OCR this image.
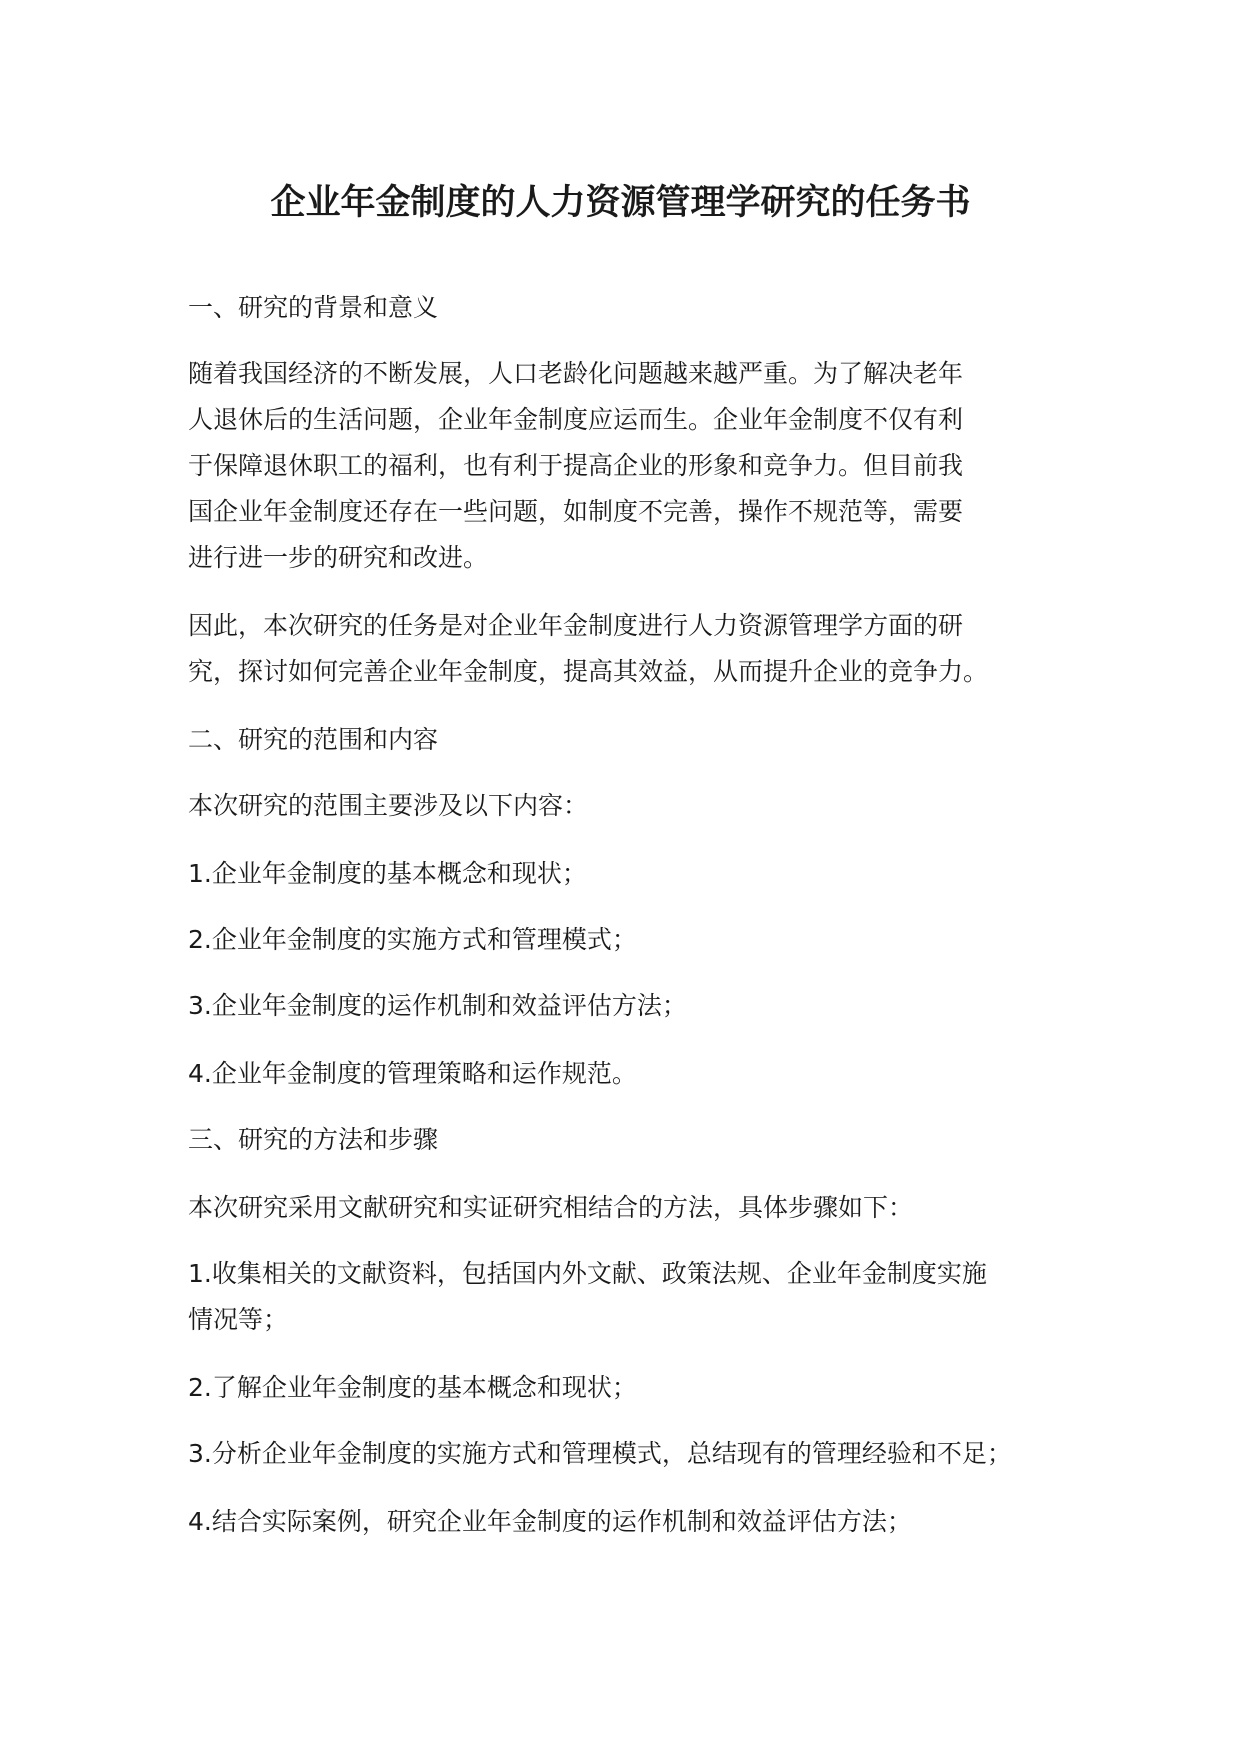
企业年金制度的人力资源管理学研究的任务书

一、研究的背景和意义

随着我国经济的不断发展，人口老龄化问题越来越严重。为了解决老年

人退休后的生活问题，企业年金制度应运而生。企业年金制度不仅有利

于保障退休职工的福利，也有利于提高企业的形象和竞争力。但目前我

国企业年金制度还存在一些问题，如制度不完善，操作不规范等，需要

进行进一步的研究和改进。

因此，本次研究的任务是对企业年金制度进行人力资源管理学方面的研

究，探讨如何完善企业年金制度，提高其效益，从而提升企业的竞争力。

二、研究的范围和内容

本次研究的范围主要涉及以下内容：

1.企业年金制度的基本概念和现状；

2.企业年金制度的实施方式和管理模式；

3.企业年金制度的运作机制和效益评估方法；

4.企业年金制度的管理策略和运作规范。

三、研究的方法和步骤

本次研究采用文献研究和实证研究相结合的方法，具体步骤如下：

1.收集相关的文献资料，包括国内外文献、政策法规、企业年金制度实施

情况等；

2.了解企业年金制度的基本概念和现状；

3.分析企业年金制度的实施方式和管理模式，总结现有的管理经验和不足；

4.结合实际案例，研究企业年金制度的运作机制和效益评估方法；
